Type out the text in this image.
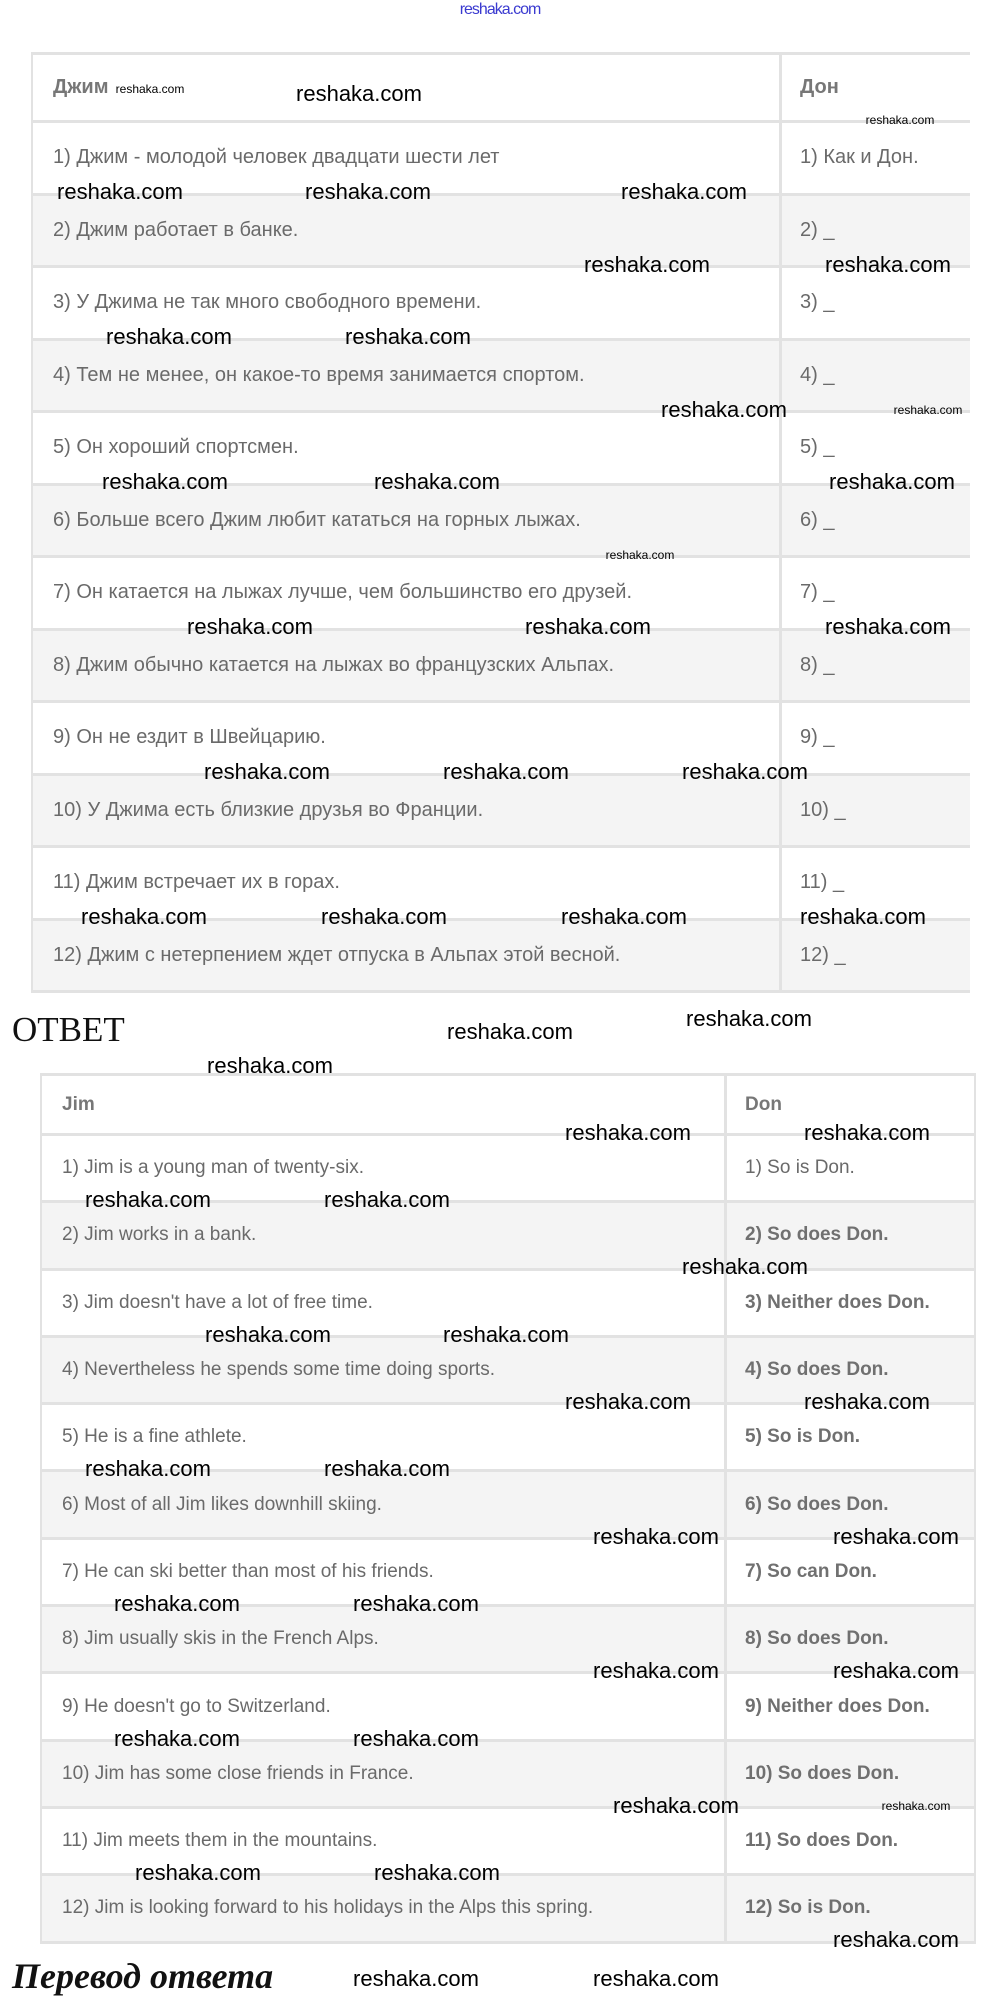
reshaka.com
Джим	Дон
1) Джим - молодой человек двадцати шести лет	1) Как и Дон.
2) Джим работает в банке.	2) _
3) У Джима не так много свободного времени.	3) _
4) Тем не менее, он какое-то время занимается спортом.	4) _
5) Он хороший спортсмен.	5) _
6) Больше всего Джим любит кататься на горных лыжах.	6) _
7) Он катается на лыжах лучше, чем большинство его друзей.	7) _
8) Джим обычно катается на лыжах во французских Альпах.	8) _
9) Он не ездит в Швейцарию.	9) _
10) У Джима есть близкие друзья во Франции.	10) _
11) Джим встречает их в горах.	11) _
12) Джим с нетерпением ждет отпуска в Альпах этой весной.	12) _
ОТВЕТ
Jim	Don
1) Jim is a young man of twenty-six.	1) So is Don.
2) Jim works in a bank.	2) So does Don.
3) Jim doesn't have a lot of free time.	3) Neither does Don.
4) Nevertheless he spends some time doing sports.	4) So does Don.
5) He is a fine athlete.	5) So is Don.
6) Most of all Jim likes downhill skiing.	6) So does Don.
7) He can ski better than most of his friends.	7) So can Don.
8) Jim usually skis in the French Alps.	8) So does Don.
9) He doesn't go to Switzerland.	9) Neither does Don.
10) Jim has some close friends in France.	10) So does Don.
11) Jim meets them in the mountains.	11) So does Don.
12) Jim is looking forward to his holidays in the Alps this spring.	12) So is Don.
Перевод ответа
reshaka.com	reshaka.com
reshaka.com
reshaka.com
reshaka.com	reshaka.com
reshaka.com	reshaka.com
reshaka.com	reshaka.com
reshaka.com	reshaka.com
reshaka.com	reshaka.com	reshaka.com
reshaka.com
reshaka.com	reshaka.com	reshaka.com
reshaka.com	reshaka.com	reshaka.com
reshaka.com	reshaka.com	reshaka.com
reshaka.com
reshaka.com
reshaka.com
reshaka.com
reshaka.com	reshaka.com
reshaka.com	reshaka.com
reshaka.com
reshaka.com
reshaka.com
reshaka.com
reshaka.com
reshaka.com
reshaka.com
reshaka.com
reshaka.com
reshaka.com	reshaka.com
reshaka.com
reshaka.com
reshaka.com	reshaka.com
reshaka.com	reshaka.com
reshaka.com	reshaka.com
reshaka.com
reshaka.com	reshaka.com
